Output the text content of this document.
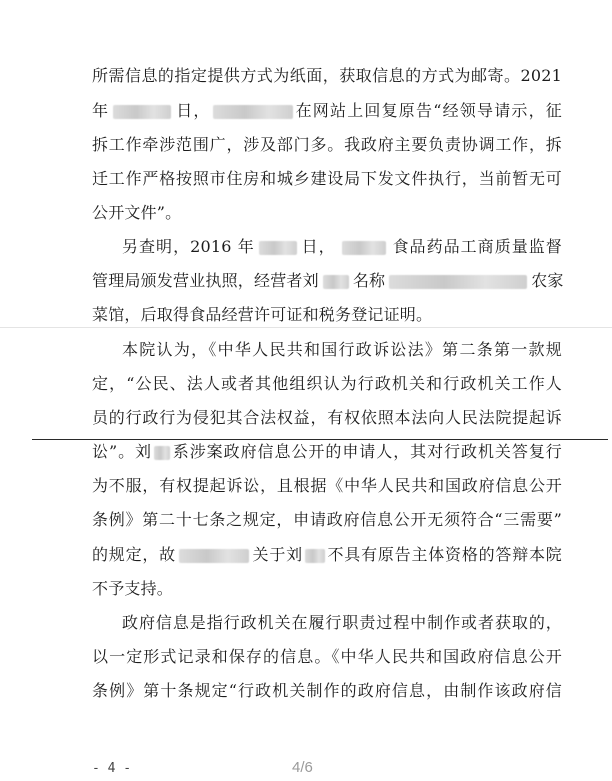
所需信息的指定提供方式为纸面，获取信息的方式为邮寄。2021
年	日，	在网站上回复原告“经领导请示，征
拆工作牵涉范围广，涉及部门多。我政府主要负责协调工作，拆
迁工作严格按照市住房和城乡建设局下发文件执行，当前暂无可
公开文件”。
另查明，2016 年	日，	食品药品工商质量监督
管理局颁发营业执照，经营者刘 名称	农家
菜馆，后取得食品经营许可证和税务登记证明。
本院认为，《中华人民共和国行政诉讼法》第二条第一款规
定，“公民、法人或者其他组织认为行政机关和行政机关工作人
员的行政行为侵犯其合法权益，有权依照本法向人民法院提起诉
讼”。刘 系涉案政府信息公开的申请人，其对行政机关答复行
为不服，有权提起诉讼，且根据《中华人民共和国政府信息公开
条例》第二十七条之规定，申请政府信息公开无须符合“三需要”
的规定，故	关于刘 不具有原告主体资格的答辩本院
不予支持。
政府信息是指行政机关在履行职责过程中制作或者获取的，
以一定形式记录和保存的信息。《中华人民共和国政府信息公开
条例》第十条规定“行政机关制作的政府信息，由制作该政府信
- 4 -	4/6
